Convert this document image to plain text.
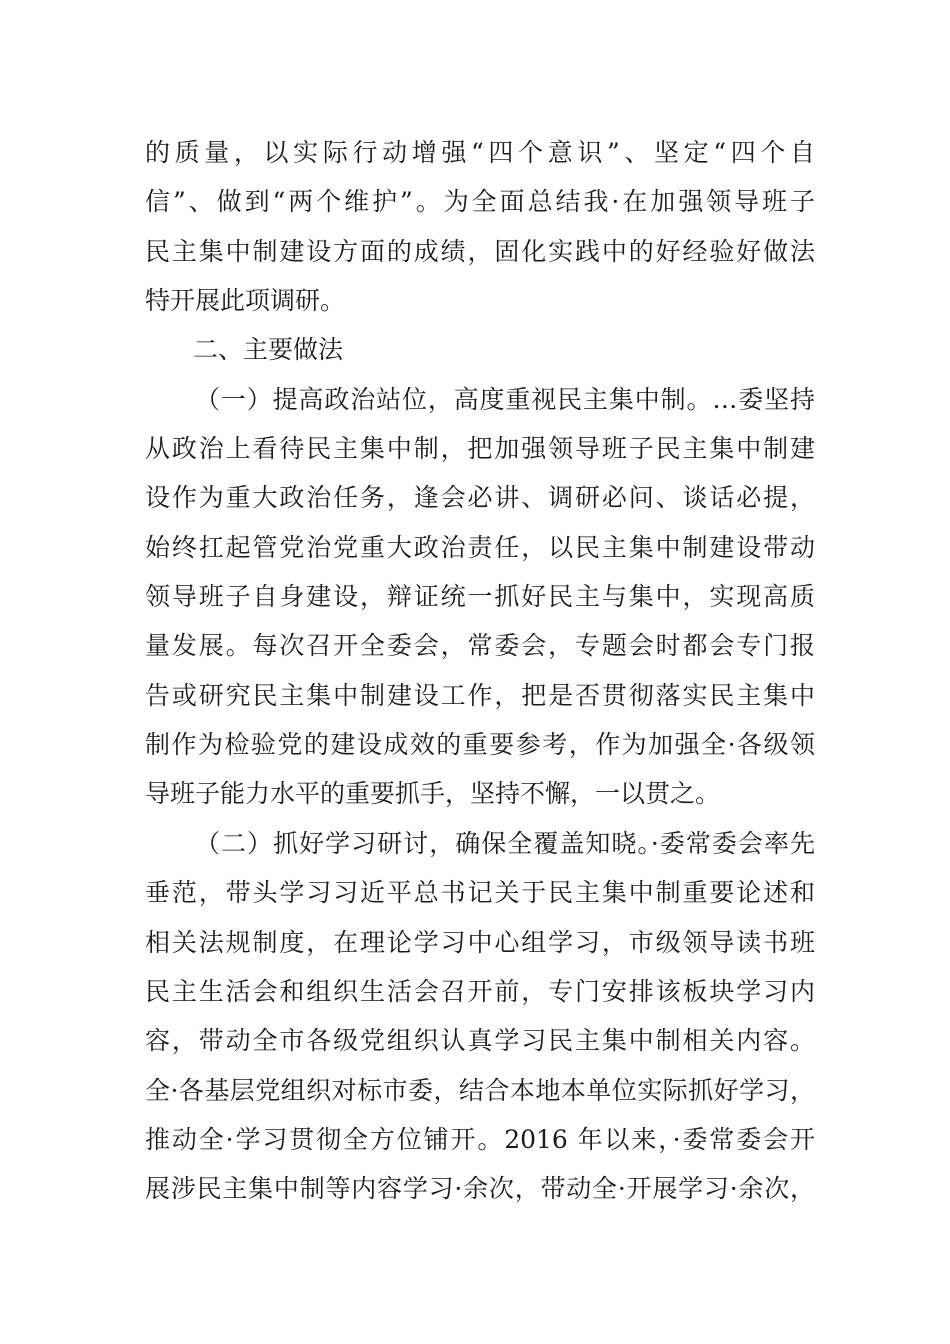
的质量，以实际行动增强“四个意识”、坚定“四个自
信”、做到“两个维护”。为全面总结我·在加强领导班子
民主集中制建设方面的成绩，固化实践中的好经验好做法
特开展此项调研。
二、主要做法
（一）提高政治站位，高度重视民主集中制。…委坚持
从政治上看待民主集中制，把加强领导班子民主集中制建
设作为重大政治任务，逢会必讲、调研必问、谈话必提，
始终扛起管党治党重大政治责任，以民主集中制建设带动
领导班子自身建设，辩证统一抓好民主与集中，实现高质
量发展。每次召开全委会，常委会，专题会时都会专门报
告或研究民主集中制建设工作，把是否贯彻落实民主集中
制作为检验党的建设成效的重要参考，作为加强全·各级领
导班子能力水平的重要抓手，坚持不懈，一以贯之。
（二）抓好学习研讨，确保全覆盖知晓。·委常委会率先
垂范，带头学习习近平总书记关于民主集中制重要论述和
相关法规制度，在理论学习中心组学习，市级领导读书班
民主生活会和组织生活会召开前，专门安排该板块学习内
容，带动全市各级党组织认真学习民主集中制相关内容。
全·各基层党组织对标市委，结合本地本单位实际抓好学习，
推动全·学习贯彻全方位铺开。2016 年以来，·委常委会开
展涉民主集中制等内容学习·余次，带动全·开展学习·余次，
